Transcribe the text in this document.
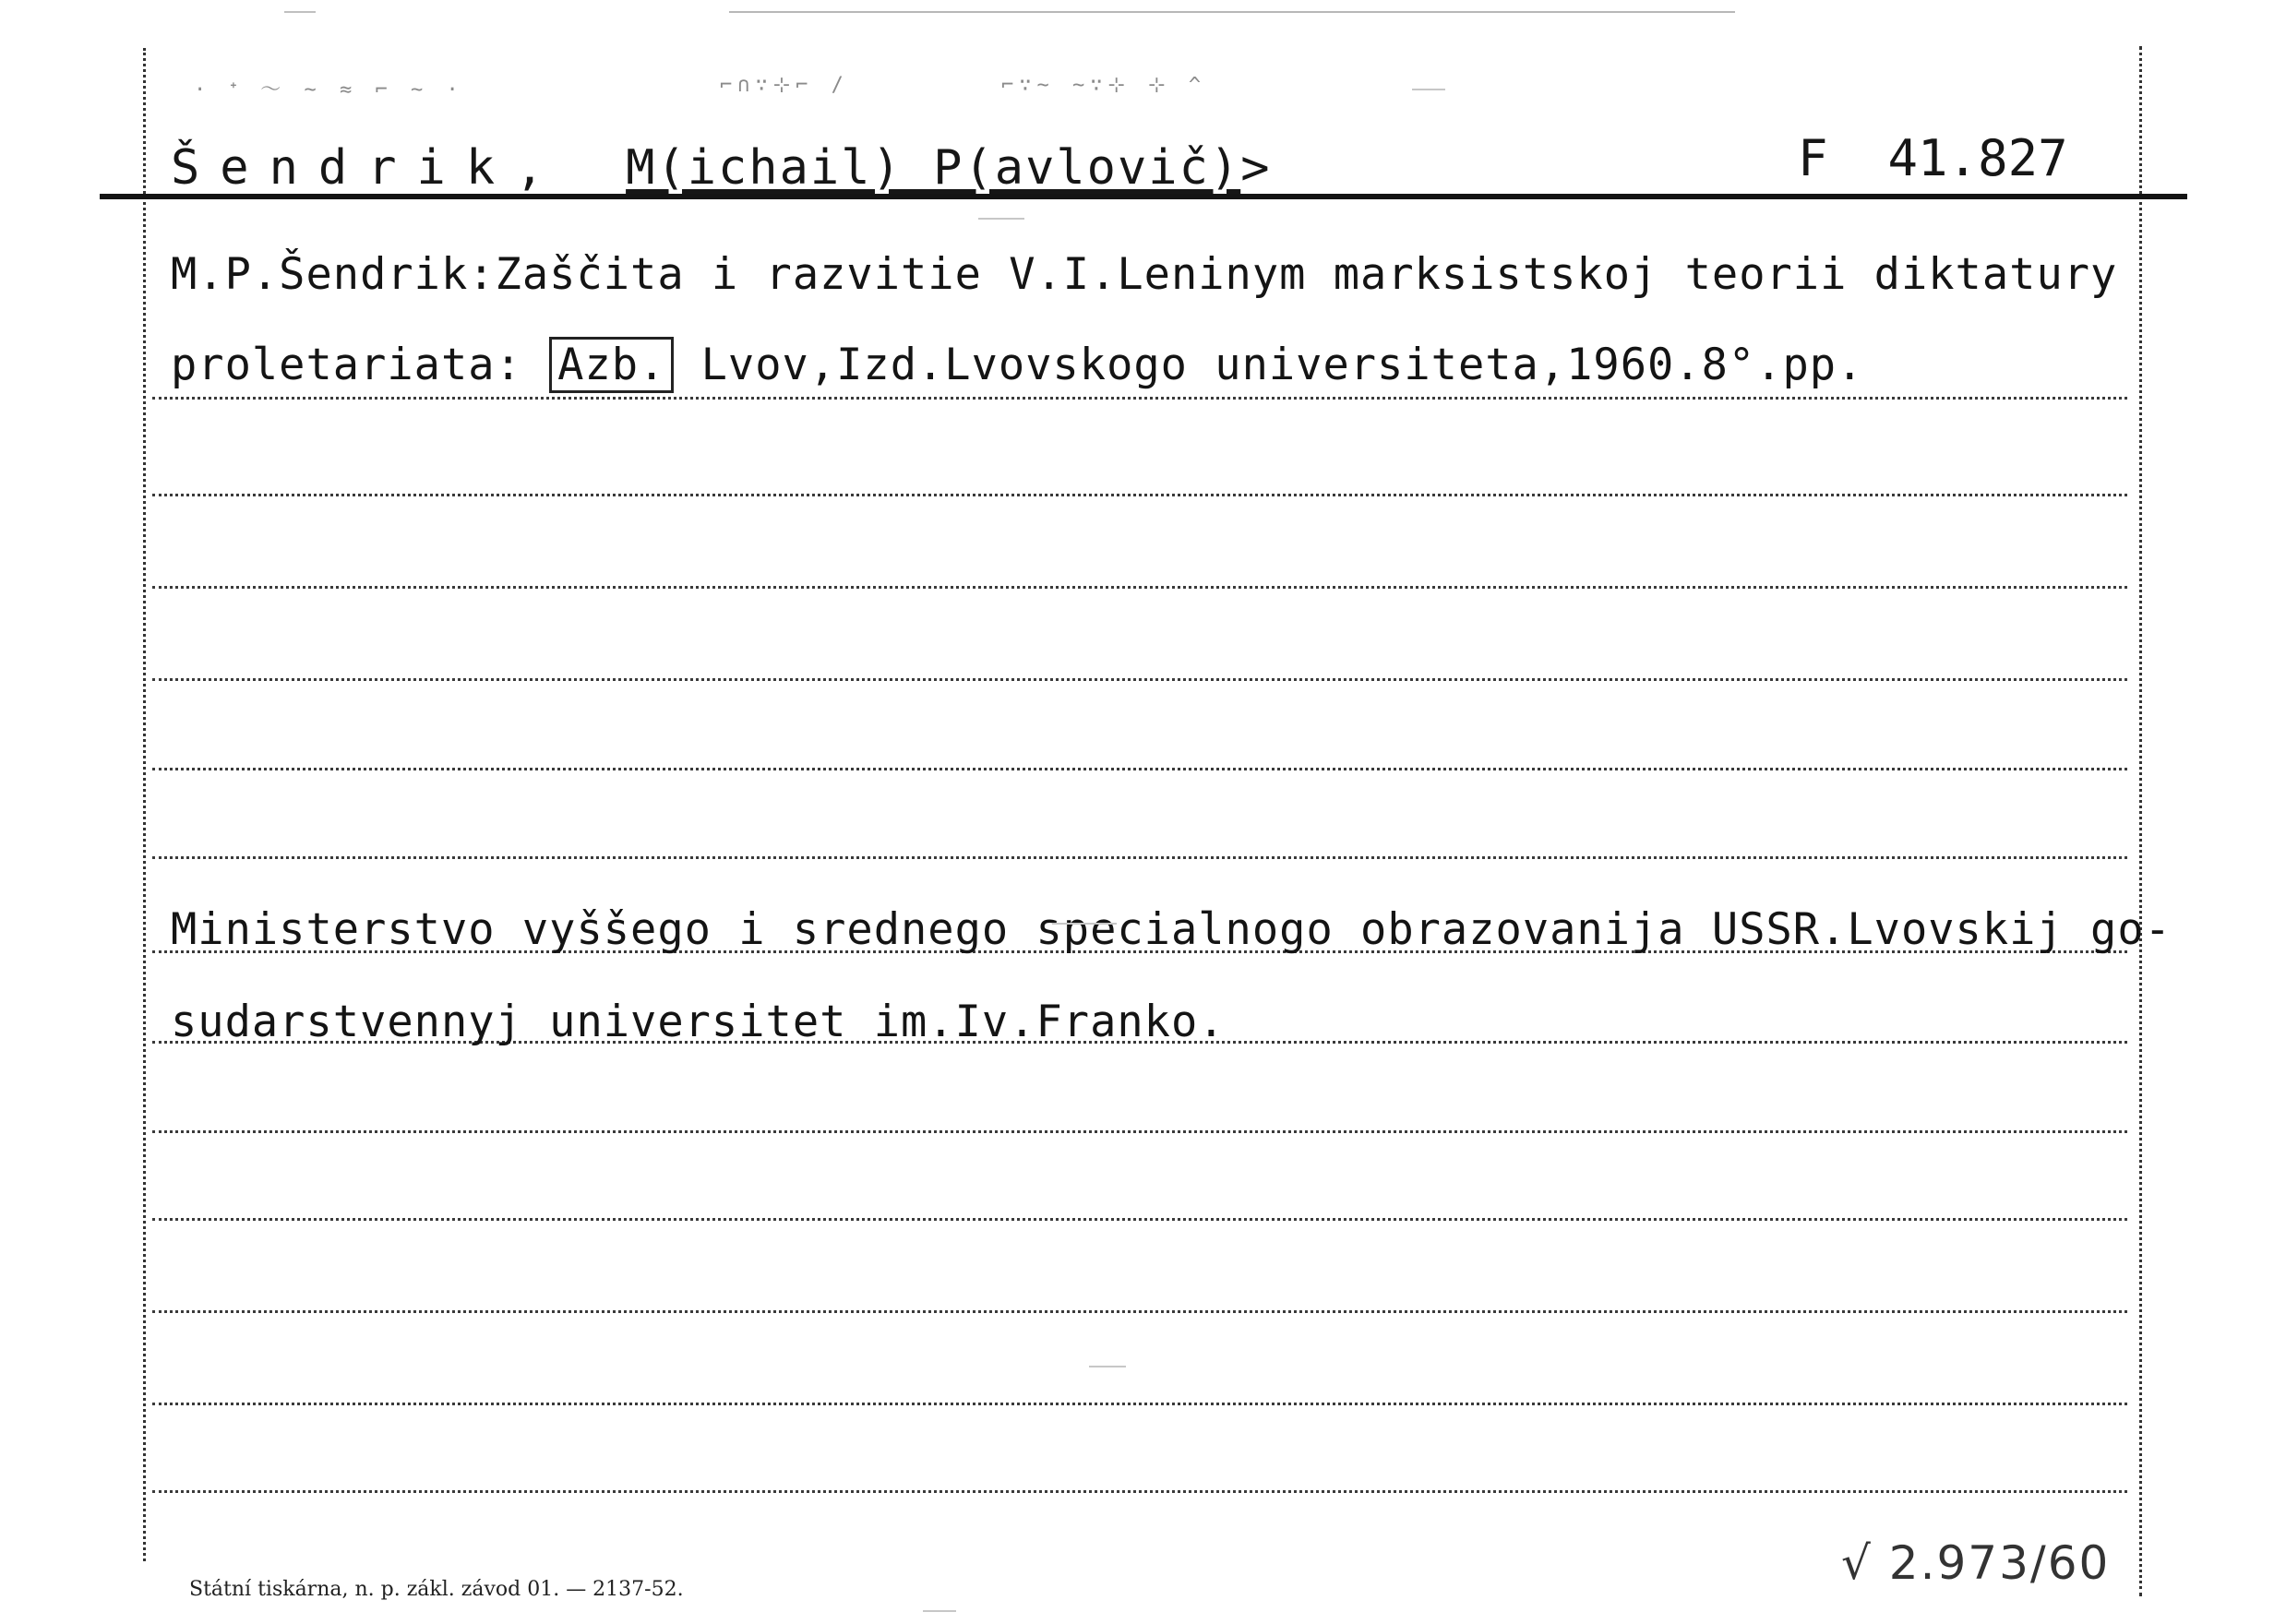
· ᐩ ～ ~ ≈ ⌐ ~ ·	⌐∩∵⊹⌐ /	⌐∵~ ~∵⊹ ⊹ ^
Šendrik, M(ichail) P(avlovič)>	F  41.827
M.P.Šendrik:Zaščita i razvitie V.I.Leninym marksistskoj teorii diktatury
proletariata: Azb. Lvov,Izd.Lvovskogo universiteta,1960.8°.pp.
Ministerstvo vyššego i srednego specialnogo obrazovanija USSR.Lvovskij go-
sudarstvennyj universitet im.Iv.Franko.
Státní tiskárna, n. p. zákl. závod 01. — 2137-52.	√ 2.973/60
